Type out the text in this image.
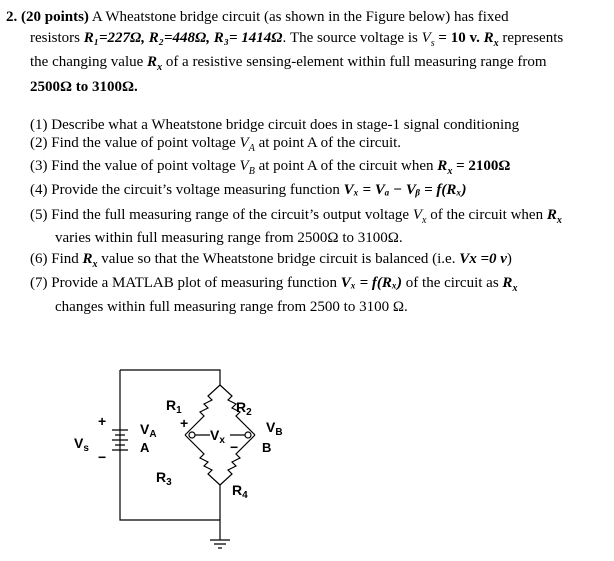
2. (20 points) A Wheatstone bridge circuit (as shown in the Figure below) has fixed
resistors R₁=227Ω, R₂=448Ω, R₃= 1414Ω. The source voltage is $V_s = 10$ v. $R_x$ represents
the changing value $R_x$ of a resistive sensing-element within full measuring range from
2500Ω to 3100Ω.
(1) Describe what a Wheatstone bridge circuit does in stage-1 signal conditioning
(2) Find the value of point voltage $V_A$ at point A of the circuit.
(3) Find the value of point voltage $V_B$ at point A of the circuit when $R_x = 2100\Omega$
(4) Provide the circuit’s voltage measuring function Vₓ = Vₐ − Vᵦ = f(Rₓ)
(5) Find the full measuring range of the circuit’s output voltage $V_x$ of the circuit when $R_x$
varies within full measuring range from 2500Ω to 3100Ω.
(6) Find $R_x$ value so that the Wheatstone bridge circuit is balanced (i.e. Vx =0 v)
(7) Provide a MATLAB plot of measuring function Vₓ = f(Rₓ) of the circuit as $R_x$
changes within full measuring range from 2500 to 3100 Ω.
$R_1$	$R_2$
$R_3$	$R_4$
$V_s$
+
−
$V_A$
A
$V_B$
B
+
$V_x$ −
